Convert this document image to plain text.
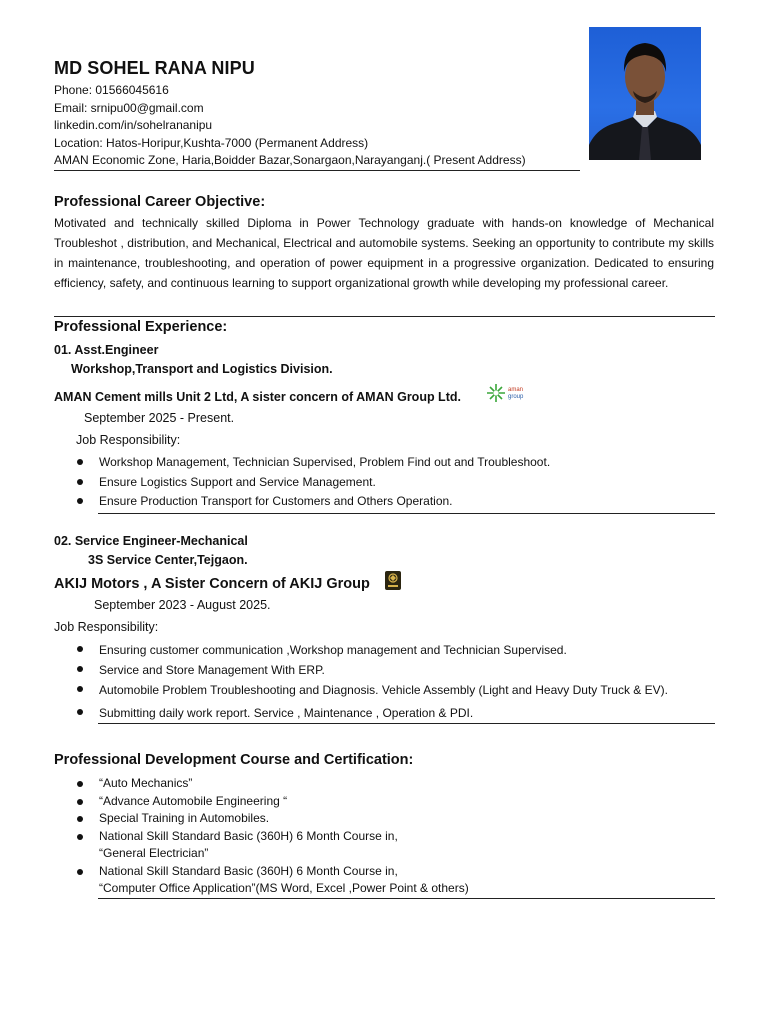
MD SOHEL RANA NIPU
Phone: 01566045616
Email: srnipu00@gmail.com
linkedin.com/in/sohelrananipu
Location: Hatos-Horipur,Kushta-7000 (Permanent Address)
AMAN Economic Zone, Haria,Boidder Bazar,Sonargaon,Narayanganj.( Present Address)
Professional Career Objective:
Motivated and technically skilled Diploma in Power Technology graduate with hands-on knowledge of Mechanical Troubleshot , distribution, and Mechanical, Electrical and automobile systems. Seeking an opportunity to contribute my skills in maintenance, troubleshooting, and operation of power equipment in a progressive organization. Dedicated to ensuring efficiency, safety, and continuous learning to support organizational growth while developing my professional career.
Professional Experience:
01. Asst.Engineer
Workshop,Transport and Logistics Division.
AMAN Cement mills Unit 2 Ltd, A sister concern of AMAN Group Ltd.	aman
group
September 2025 - Present.
Job Responsibility:
Workshop Management, Technician Supervised, Problem Find out and Troubleshoot.
Ensure Logistics Support and Service Management.
Ensure Production Transport for Customers and Others Operation.
02. Service Engineer-Mechanical
3S Service Center,Tejgaon.
AKIJ Motors , A Sister Concern of AKIJ Group
September 2023 - August 2025.
Job Responsibility:
Ensuring customer communication ,Workshop management and Technician Supervised.
Service and Store Management With ERP.
Automobile Problem Troubleshooting and Diagnosis. Vehicle Assembly (Light and Heavy Duty Truck & EV).
Submitting daily work report. Service , Maintenance , Operation & PDI.
Professional Development Course and Certification:
“Auto Mechanics”
“Advance Automobile Engineering “
Special Training in Automobiles.
National Skill Standard Basic (360H) 6 Month Course in,
“General Electrician”
National Skill Standard Basic (360H) 6 Month Course in,
“Computer Office Application”(MS Word, Excel ,Power Point & others)
